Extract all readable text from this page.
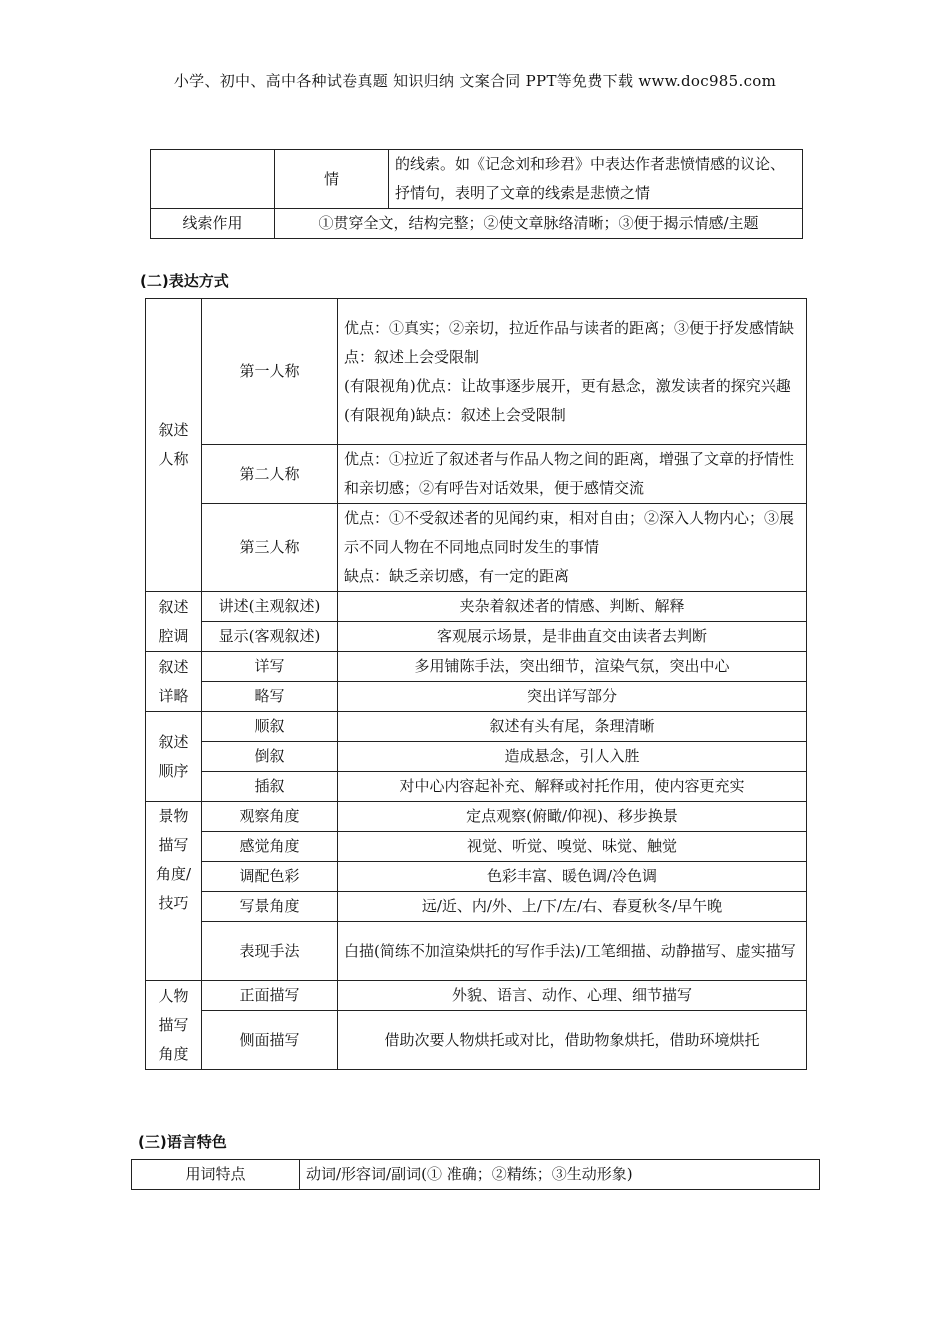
小学、初中、高中各种试卷真题 知识归纳 文案合同 PPT等免费下载 www.doc985.com
	情	的线索。如《记念刘和珍君》中表达作者悲愤情感的议论、抒情句，表明了文章的线索是悲愤之情
线索作用	①贯穿全文，结构完整；②使文章脉络清晰；③便于揭示情感/主题	
(二)表达方式
叙述人称	第一人称	优点：①真实；②亲切，拉近作品与读者的距离；③便于抒发感情缺点：叙述上会受限制
(有限视角)优点：让故事逐步展开，更有悬念，激发读者的探究兴趣
(有限视角)缺点：叙述上会受限制

	第二人称	优点：①拉近了叙述者与作品人物之间的距离，增强了文章的抒情性和亲切感；②有呼告对话效果，便于感情交流
	第三人称	优点：①不受叙述者的见闻约束，相对自由；②深入人物内心；③展示不同人物在不同地点同时发生的事情
缺点：缺乏亲切感，有一定的距离

叙述腔调	讲述(主观叙述)	夹杂着叙述者的情感、判断、解释
	显示(客观叙述)	客观展示场景，是非曲直交由读者去判断
叙述详略	详写	多用铺陈手法，突出细节，渲染气氛，突出中心
	略写	突出详写部分
叙述顺序	顺叙	叙述有头有尾，条理清晰
	倒叙	造成悬念，引人入胜
	插叙	对中心内容起补充、解释或衬托作用，使内容更充实
景物描写角度/技巧	观察角度	定点观察(俯瞰/仰视)、移步换景
	感觉角度	视觉、听觉、嗅觉、味觉、触觉
	调配色彩	色彩丰富、暖色调/冷色调
	写景角度	远/近、内/外、上/下/左/右、春夏秋冬/早午晚
	表现手法	白描(简练不加渲染烘托的写作手法)/工笔细描、动静描写、虚实描写
人物描写角度	正面描写	外貌、语言、动作、心理、细节描写
	侧面描写	借助次要人物烘托或对比，借助物象烘托，借助环境烘托
(三)语言特色
用词特点	动词/形容词/副词(① 准确；②精练；③生动形象)
